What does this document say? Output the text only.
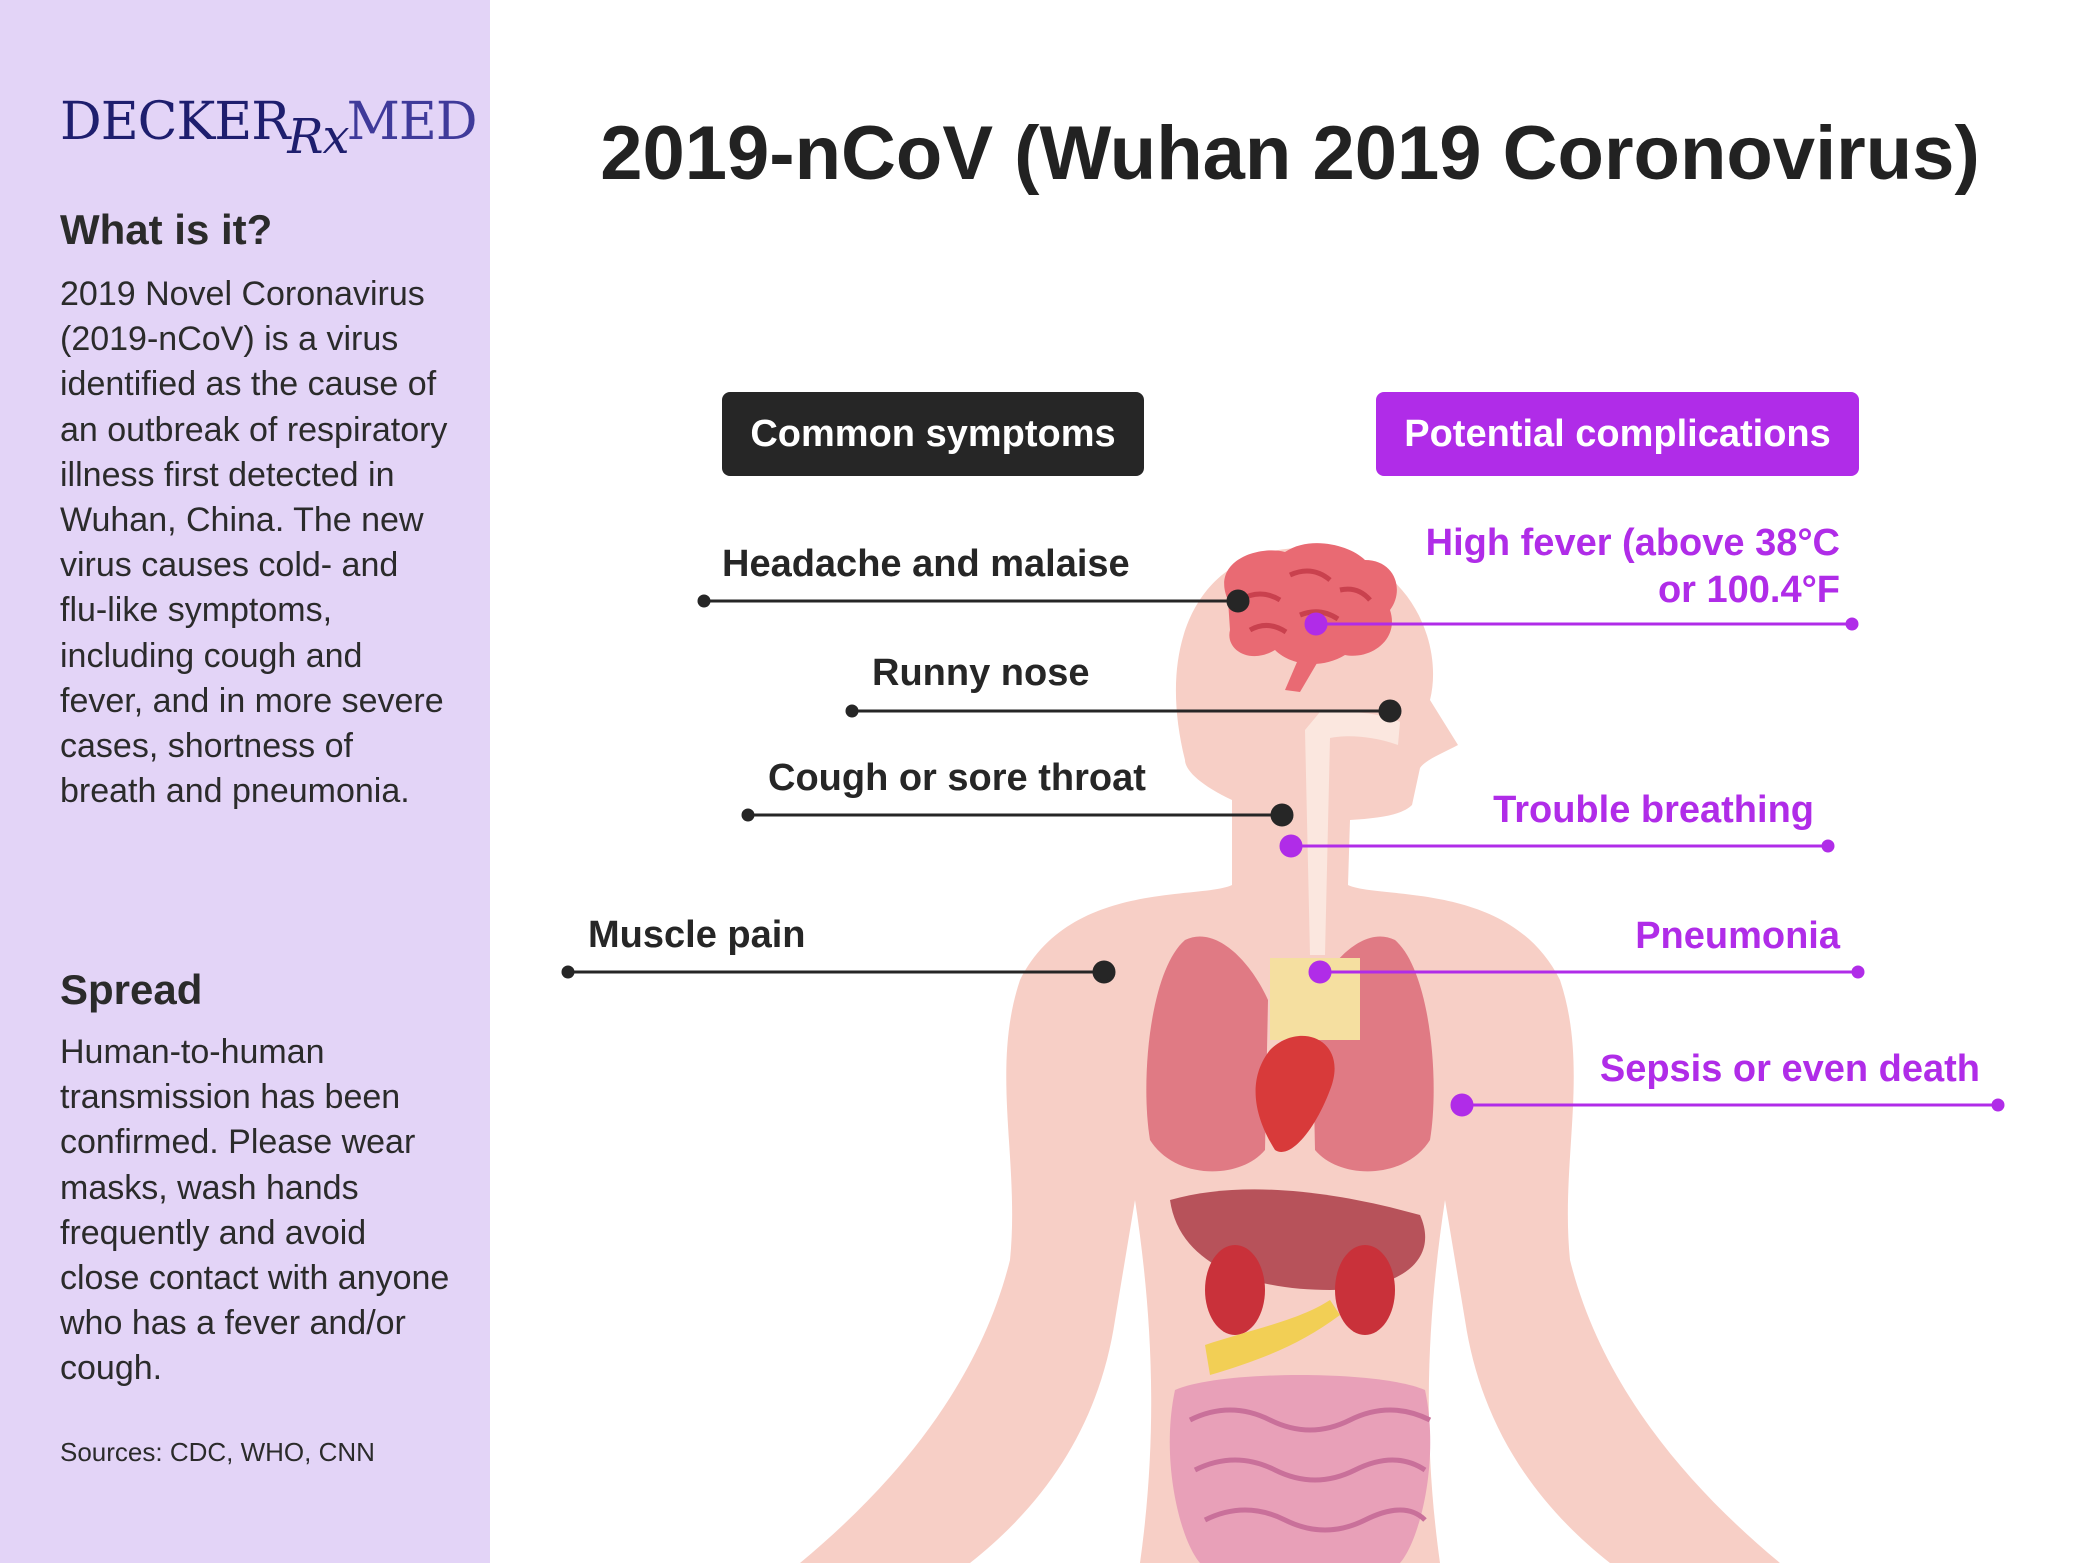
DECKERRxMED
What is it?

2019 Novel Coronavirus (2019-nCoV) is a virus identified as the cause of an outbreak of respiratory illness first detected in Wuhan, China. The new virus causes cold- and flu-like symptoms, including cough and fever, and in more severe cases, shortness of breath and pneumonia.

Spread

Human-to-human transmission has been confirmed. Please wear masks, wash hands frequently and avoid close contact with anyone who has a fever and/or cough.

Sources: CDC, WHO, CNN
2019-nCoV (Wuhan 2019 Coronovirus)
Common symptoms	Potential complications
Headache and malaise
Runny nose
Cough or sore throat
Muscle pain
High fever (above 38°C
or 100.4°F
Trouble breathing
Pneumonia
Sepsis or even death
